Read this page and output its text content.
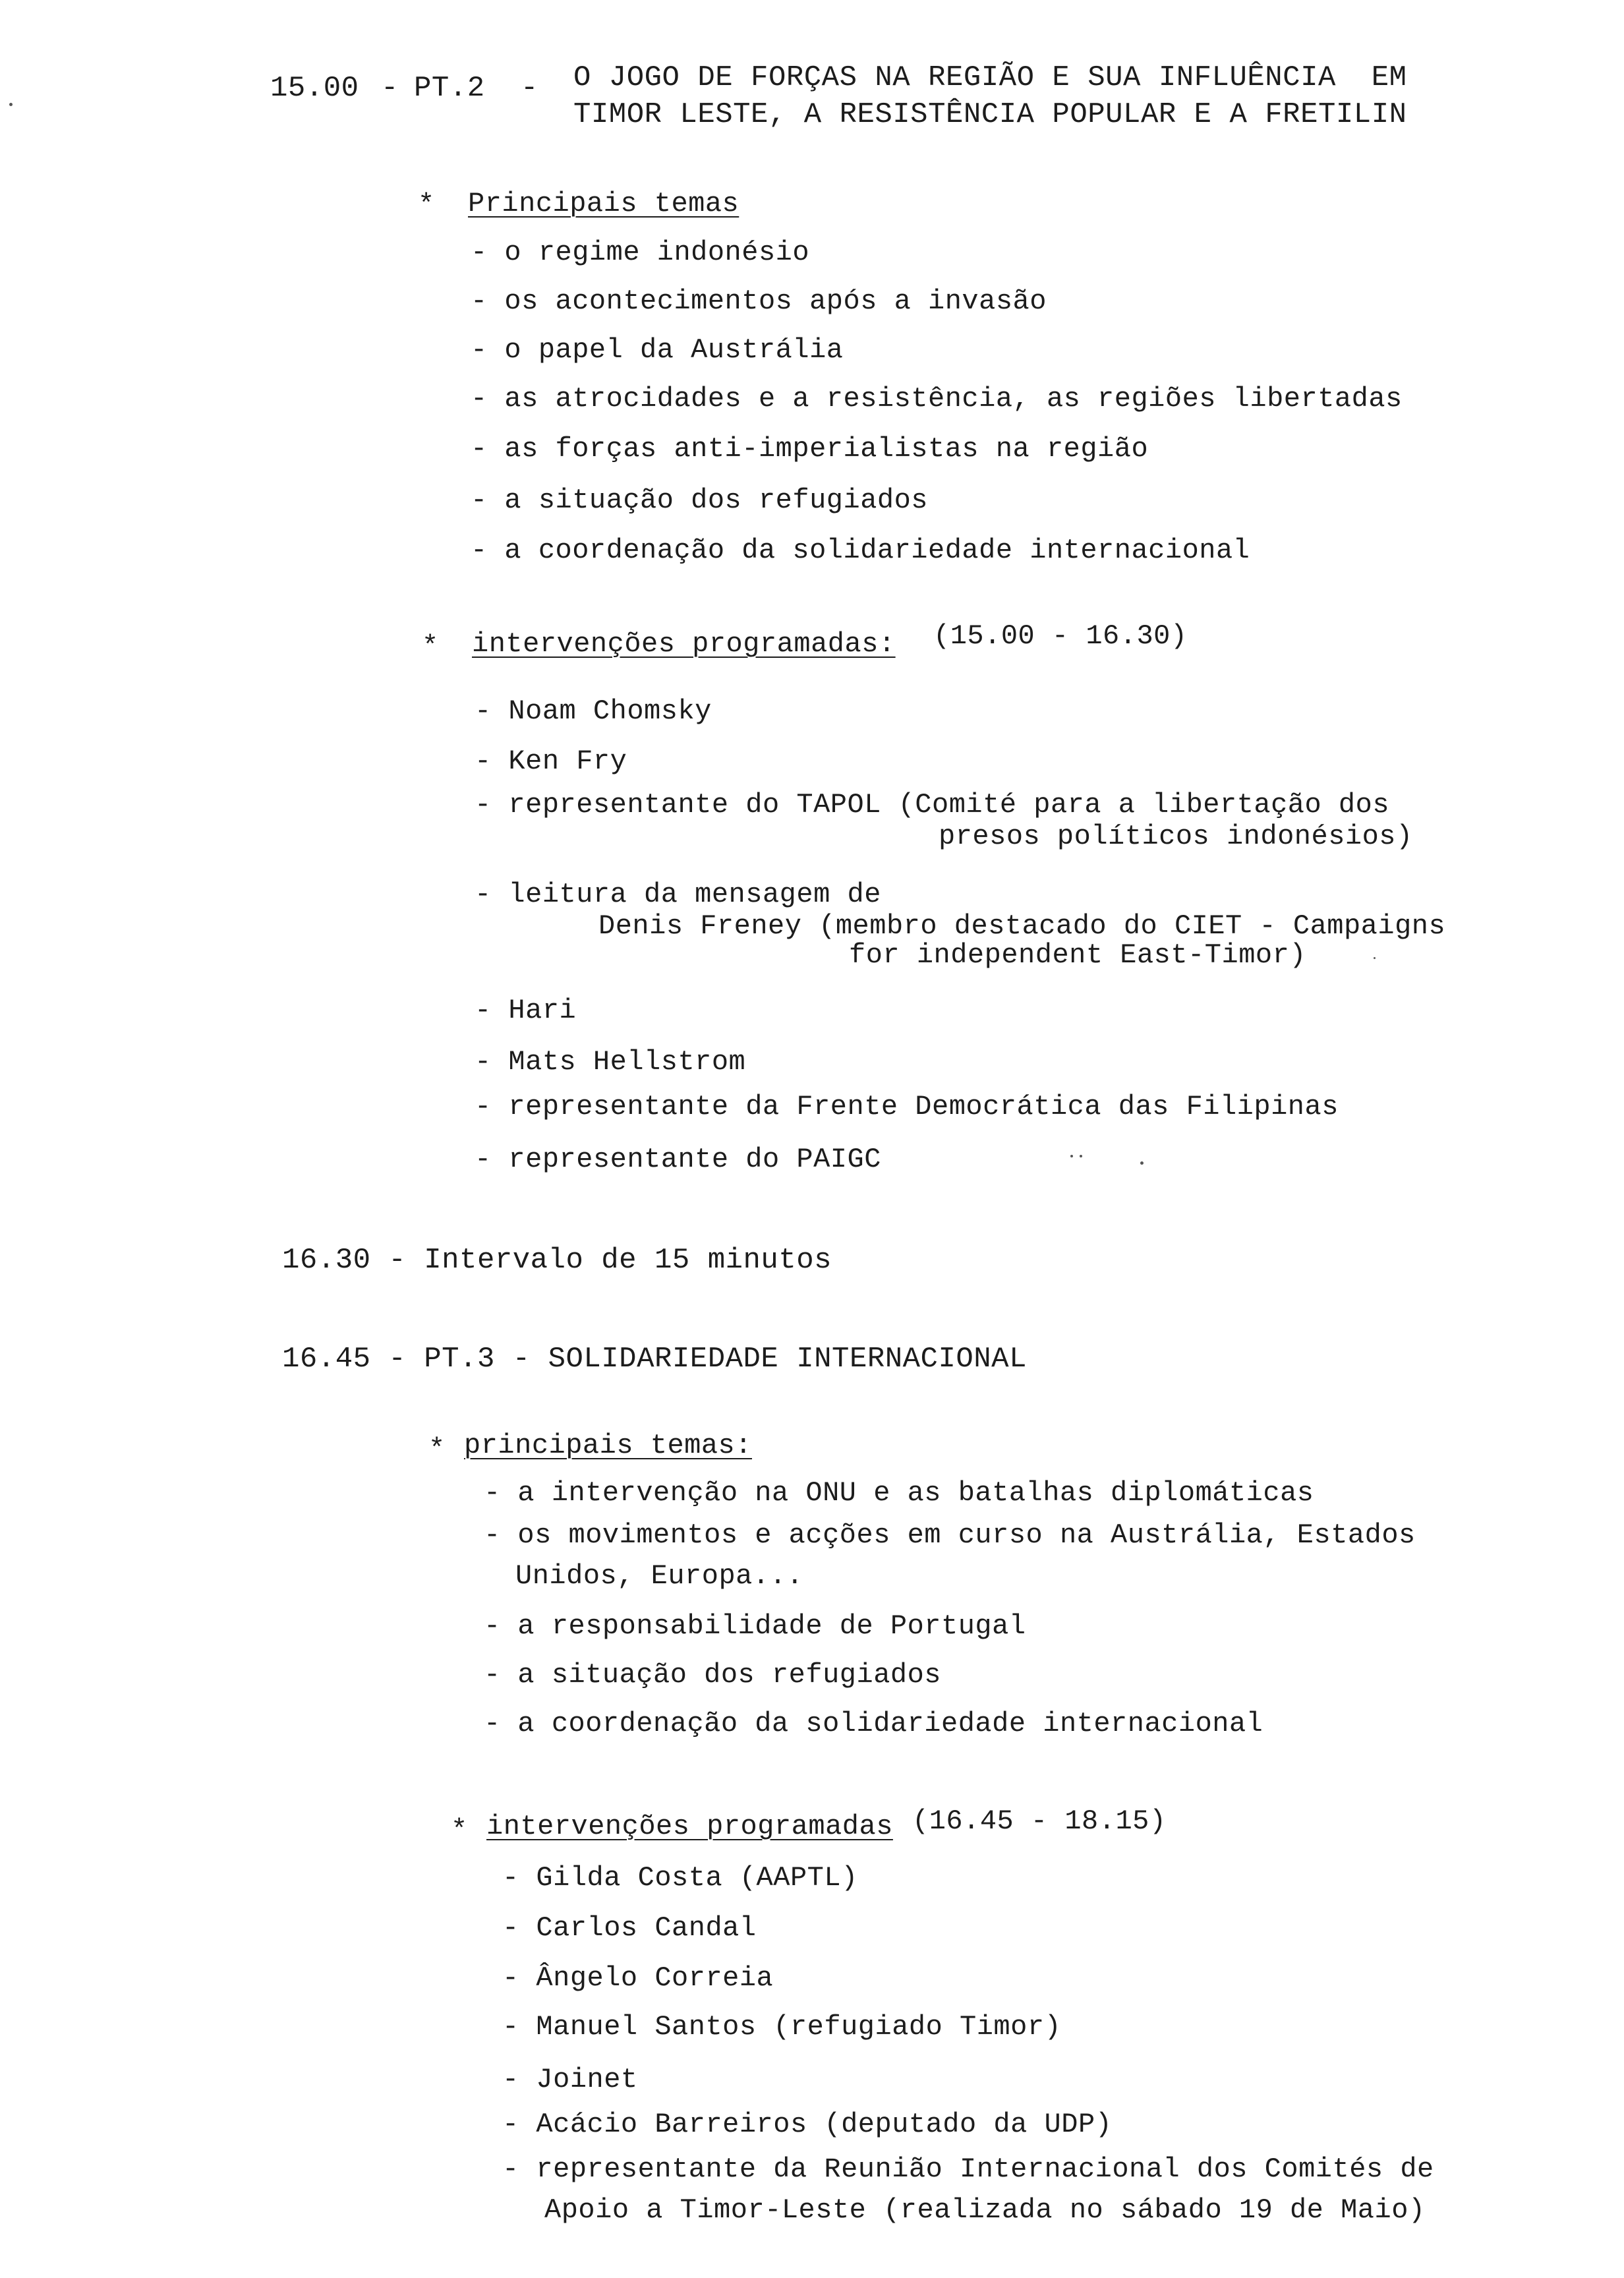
15.00 - PT.2 - O JOGO DE FORÇAS NA REGIÃO E SUA INFLUÊNCIA  EM
TIMOR LESTE, A RESISTÊNCIA POPULAR E A FRETILIN
* Principais temas
- o regime indonésio
- os acontecimentos após a invasão
- o papel da Austrália
- as atrocidades e a resistência, as regiões libertadas
- as forças anti-imperialistas na região
- a situação dos refugiados
- a coordenação da solidariedade internacional
* intervenções programadas: (15.00 - 16.30)
- Noam Chomsky
- Ken Fry
- representante do TAPOL (Comité para a libertação dos
presos políticos indonésios)
- leitura da mensagem de
Denis Freney (membro destacado do CIET - Campaigns
for independent East-Timor)
- Hari
- Mats Hellstrom
- representante da Frente Democrática das Filipinas
- representante do PAIGC
16.30 - Intervalo de 15 minutos
16.45 - PT.3 - SOLIDARIEDADE INTERNACIONAL
* principais temas:
- a intervenção na ONU e as batalhas diplomáticas
- os movimentos e acções em curso na Austrália, Estados
Unidos, Europa...
- a responsabilidade de Portugal
- a situação dos refugiados
- a coordenação da solidariedade internacional
* intervenções programadas (16.45 - 18.15)
- Gilda Costa (AAPTL)
- Carlos Candal
- Ângelo Correia
- Manuel Santos (refugiado Timor)
- Joinet
- Acácio Barreiros (deputado da UDP)
- representante da Reunião Internacional dos Comités de
Apoio a Timor-Leste (realizada no sábado 19 de Maio)
